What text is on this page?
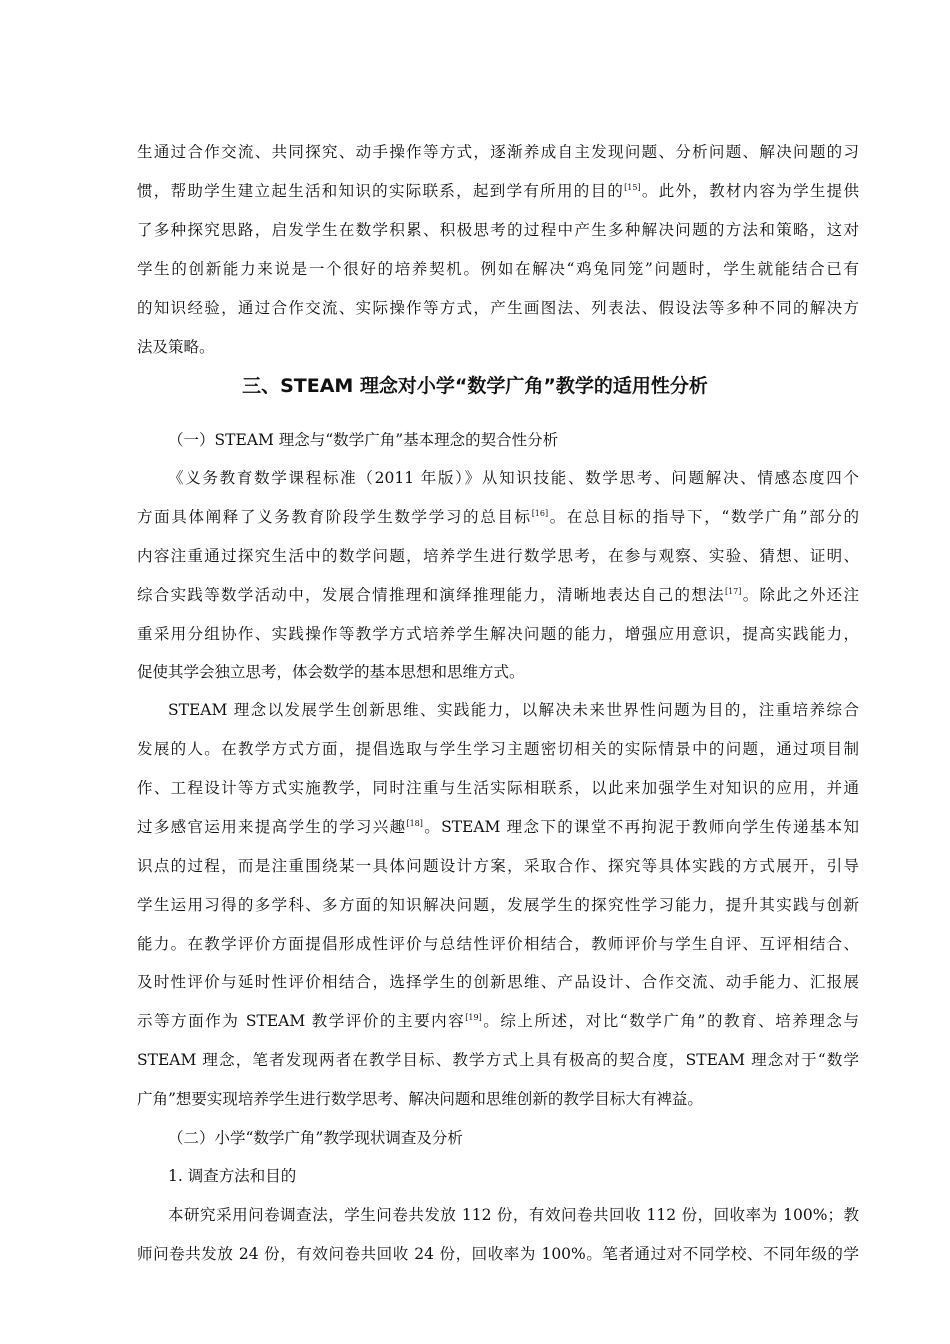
生通过合作交流、共同探究、动手操作等方式，逐渐养成自主发现问题、分析问题、解决问题的习
惯，帮助学生建立起生活和知识的实际联系，起到学有所用的目的[15]。此外，教材内容为学生提供
了多种探究思路，启发学生在数学积累、积极思考的过程中产生多种解决问题的方法和策略，这对
学生的创新能力来说是一个很好的培养契机。例如在解决“鸡兔同笼”问题时，学生就能结合已有
的知识经验，通过合作交流、实际操作等方式，产生画图法、列表法、假设法等多种不同的解决方
法及策略。
三、STEAM 理念对小学“数学广角”教学的适用性分析
（一）STEAM 理念与“数学广角”基本理念的契合性分析
《义务教育数学课程标准（2011 年版）》从知识技能、数学思考、问题解决、情感态度四个
方面具体阐释了义务教育阶段学生数学学习的总目标[16]。在总目标的指导下，“数学广角”部分的
内容注重通过探究生活中的数学问题，培养学生进行数学思考，在参与观察、实验、猜想、证明、
综合实践等数学活动中，发展合情推理和演绎推理能力，清晰地表达自己的想法[17]。除此之外还注
重采用分组协作、实践操作等教学方式培养学生解决问题的能力，增强应用意识，提高实践能力，
促使其学会独立思考，体会数学的基本思想和思维方式。
STEAM 理念以发展学生创新思维、实践能力，以解决未来世界性问题为目的，注重培养综合
发展的人。在教学方式方面，提倡选取与学生学习主题密切相关的实际情景中的问题，通过项目制
作、工程设计等方式实施教学，同时注重与生活实际相联系，以此来加强学生对知识的应用，并通
过多感官运用来提高学生的学习兴趣[18]。STEAM 理念下的课堂不再拘泥于教师向学生传递基本知
识点的过程，而是注重围绕某一具体问题设计方案，采取合作、探究等具体实践的方式展开，引导
学生运用习得的多学科、多方面的知识解决问题，发展学生的探究性学习能力，提升其实践与创新
能力。在教学评价方面提倡形成性评价与总结性评价相结合，教师评价与学生自评、互评相结合、
及时性评价与延时性评价相结合，选择学生的创新思维、产品设计、合作交流、动手能力、汇报展
示等方面作为 STEAM 教学评价的主要内容[19]。综上所述，对比“数学广角”的教育、培养理念与
STEAM 理念，笔者发现两者在教学目标、教学方式上具有极高的契合度，STEAM 理念对于“数学
广角”想要实现培养学生进行数学思考、解决问题和思维创新的教学目标大有裨益。
（二）小学“数学广角”教学现状调查及分析
1. 调查方法和目的
本研究采用问卷调查法，学生问卷共发放 112 份，有效问卷共回收 112 份，回收率为 100%；教
师问卷共发放 24 份，有效问卷共回收 24 份，回收率为 100%。笔者通过对不同学校、不同年级的学
